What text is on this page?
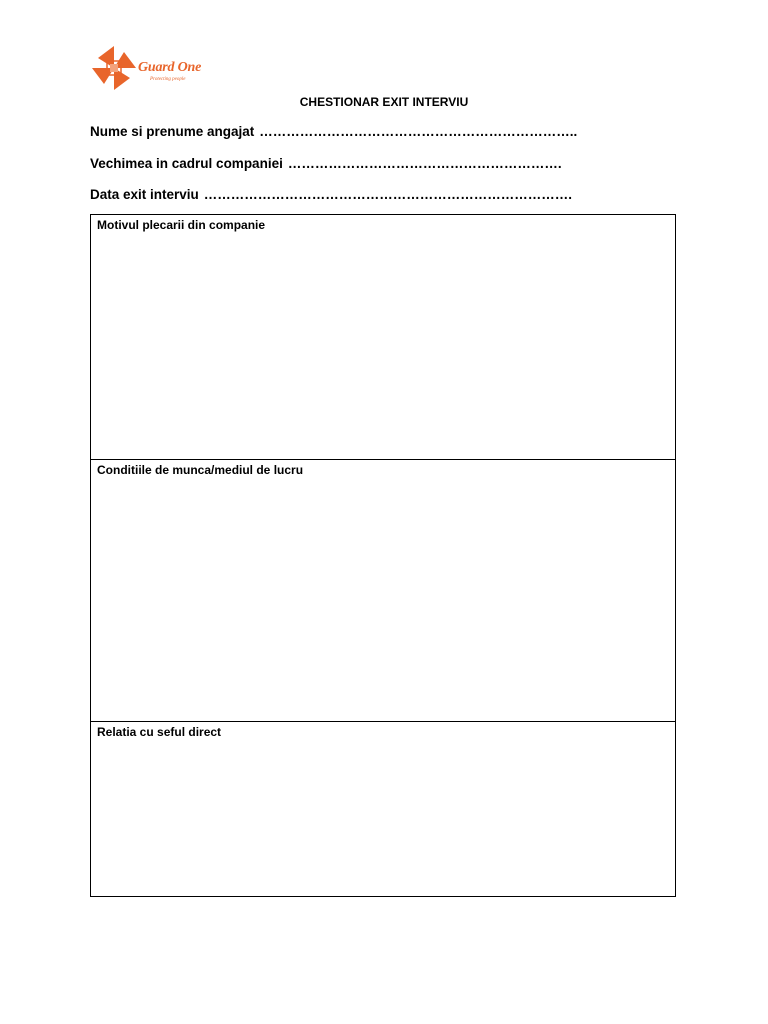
Guard One
Protecting people
CHESTIONAR EXIT INTERVIU
Nume si prenume angajat ……………………………………………………………..
Vechimea in cadrul companiei …………………………………………………….
Data exit interviu ……………………………………………………………………….
Motivul plecarii din companie
Conditiile de munca/mediul de lucru
Relatia cu seful direct
